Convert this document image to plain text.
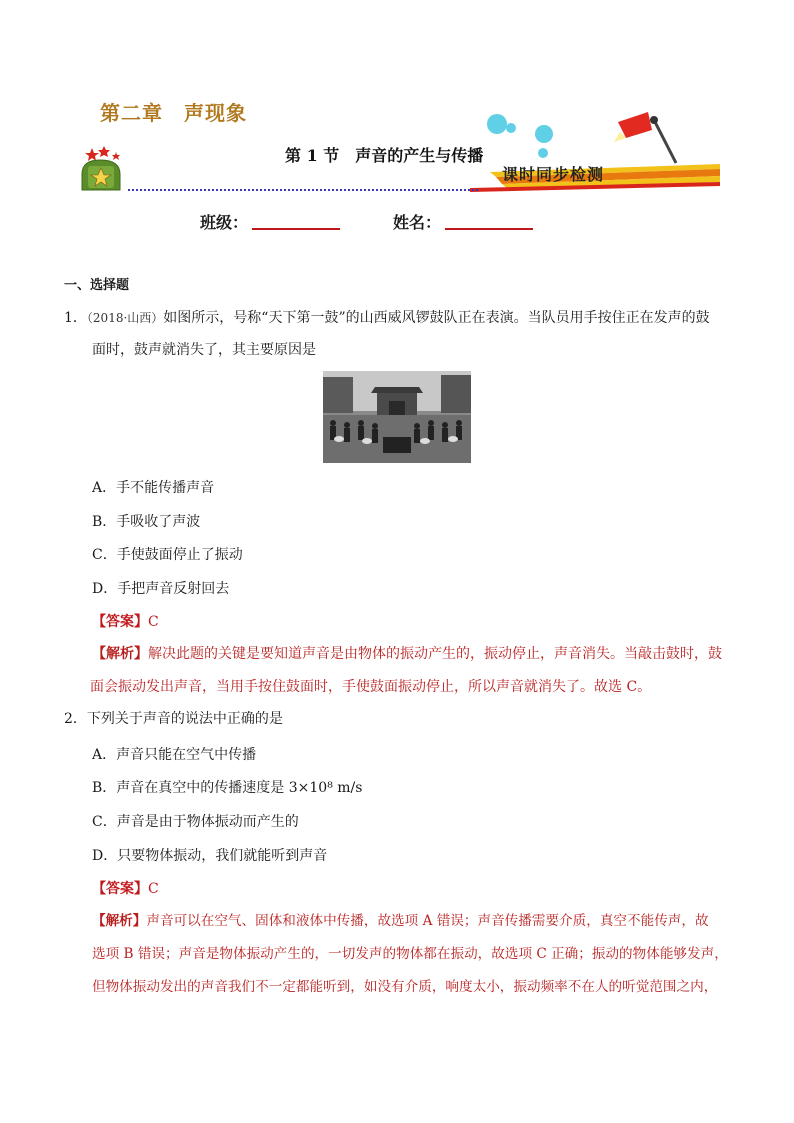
第二章　声现象
第 1 节　声音的产生与传播
课时同步检测
班级：	姓名：
一、选择题
1．（2018·山西）如图所示，号称“天下第一鼓”的山西威风锣鼓队正在表演。当队员用手按住正在发声的鼓
面时，鼓声就消失了，其主要原因是
A．手不能传播声音
B．手吸收了声波
C．手使鼓面停止了振动
D．手把声音反射回去
【答案】C
【解析】解决此题的关键是要知道声音是由物体的振动产生的，振动停止，声音消失。当敲击鼓时，鼓
面会振动发出声音，当用手按住鼓面时，手使鼓面振动停止，所以声音就消失了。故选 C。
2．下列关于声音的说法中正确的是
A．声音只能在空气中传播
B．声音在真空中的传播速度是 3×10⁸ m/s
C．声音是由于物体振动而产生的
D．只要物体振动，我们就能听到声音
【答案】C
【解析】声音可以在空气、固体和液体中传播，故选项 A 错误；声音传播需要介质，真空不能传声，故
选项 B 错误；声音是物体振动产生的，一切发声的物体都在振动，故选项 C 正确；振动的物体能够发声，
但物体振动发出的声音我们不一定都能听到，如没有介质，响度太小，振动频率不在人的听觉范围之内，
